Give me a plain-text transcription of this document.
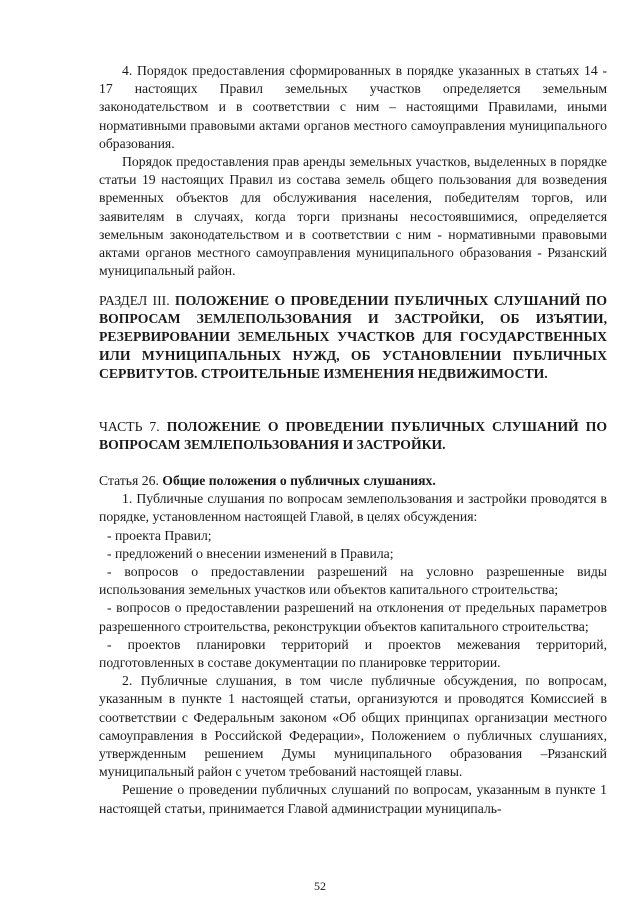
4. Порядок предоставления сформированных в порядке указанных в статьях 14 - 17 настоящих Правил земельных участков определяется земельным законодательством и в соответствии с ним – настоящими Правилами, иными нормативными правовыми актами органов местного самоуправления муниципального образования.

Порядок предоставления прав аренды земельных участков, выделенных в порядке статьи 19 настоящих Правил из состава земель общего пользования для возведения временных объектов для обслуживания населения, победителям торгов, или заявителям в случаях, когда торги признаны несостоявшимися, определяется земельным законодательством и в соответствии с ним - нормативными правовыми актами органов местного самоуправления муниципального образования - Рязанский муниципальный район.

РАЗДЕЛ III. ПОЛОЖЕНИЕ О ПРОВЕДЕНИИ ПУБЛИЧНЫХ СЛУШАНИЙ ПО ВОПРОСАМ ЗЕМЛЕПОЛЬЗОВАНИЯ И ЗАСТРОЙКИ, ОБ ИЗЪЯТИИ, РЕЗЕРВИРОВАНИИ ЗЕМЕЛЬНЫХ УЧАСТКОВ ДЛЯ ГОСУДАРСТВЕННЫХ ИЛИ МУНИЦИПАЛЬНЫХ НУЖД, ОБ УСТАНОВЛЕНИИ ПУБЛИЧНЫХ СЕРВИТУТОВ. СТРОИТЕЛЬНЫЕ ИЗМЕНЕНИЯ НЕДВИЖИМОСТИ.

ЧАСТЬ 7. ПОЛОЖЕНИЕ О ПРОВЕДЕНИИ ПУБЛИЧНЫХ СЛУШАНИЙ ПО ВОПРОСАМ ЗЕМЛЕПОЛЬЗОВАНИЯ И ЗАСТРОЙКИ.

Статья 26. Общие положения о публичных слушаниях.

1. Публичные слушания по вопросам землепользования и застройки проводятся в порядке, установленном настоящей Главой, в целях обсуждения:

- проекта Правил;

- предложений о внесении изменений в Правила;

- вопросов о предоставлении разрешений на условно разрешенные виды использования земельных участков или объектов капитального строительства;

- вопросов о предоставлении разрешений на отклонения от предельных параметров разрешенного строительства, реконструкции объектов капитального строительства;

- проектов планировки территорий и проектов межевания территорий, подготовленных в составе документации по планировке территории.

2. Публичные слушания, в том числе публичные обсуждения, по вопросам, указанным в пункте 1 настоящей статьи, организуются и проводятся Комиссией в соответствии с Федеральным законом «Об общих принципах организации местного самоуправления в Российской Федерации», Положением о публичных слушаниях, утвержденным решением Думы муниципального образования –Рязанский муниципальный район с учетом требований настоящей главы.

Решение о проведении публичных слушаний по вопросам, указанным в пункте 1 настоящей статьи, принимается Главой администрации муниципаль-

52
